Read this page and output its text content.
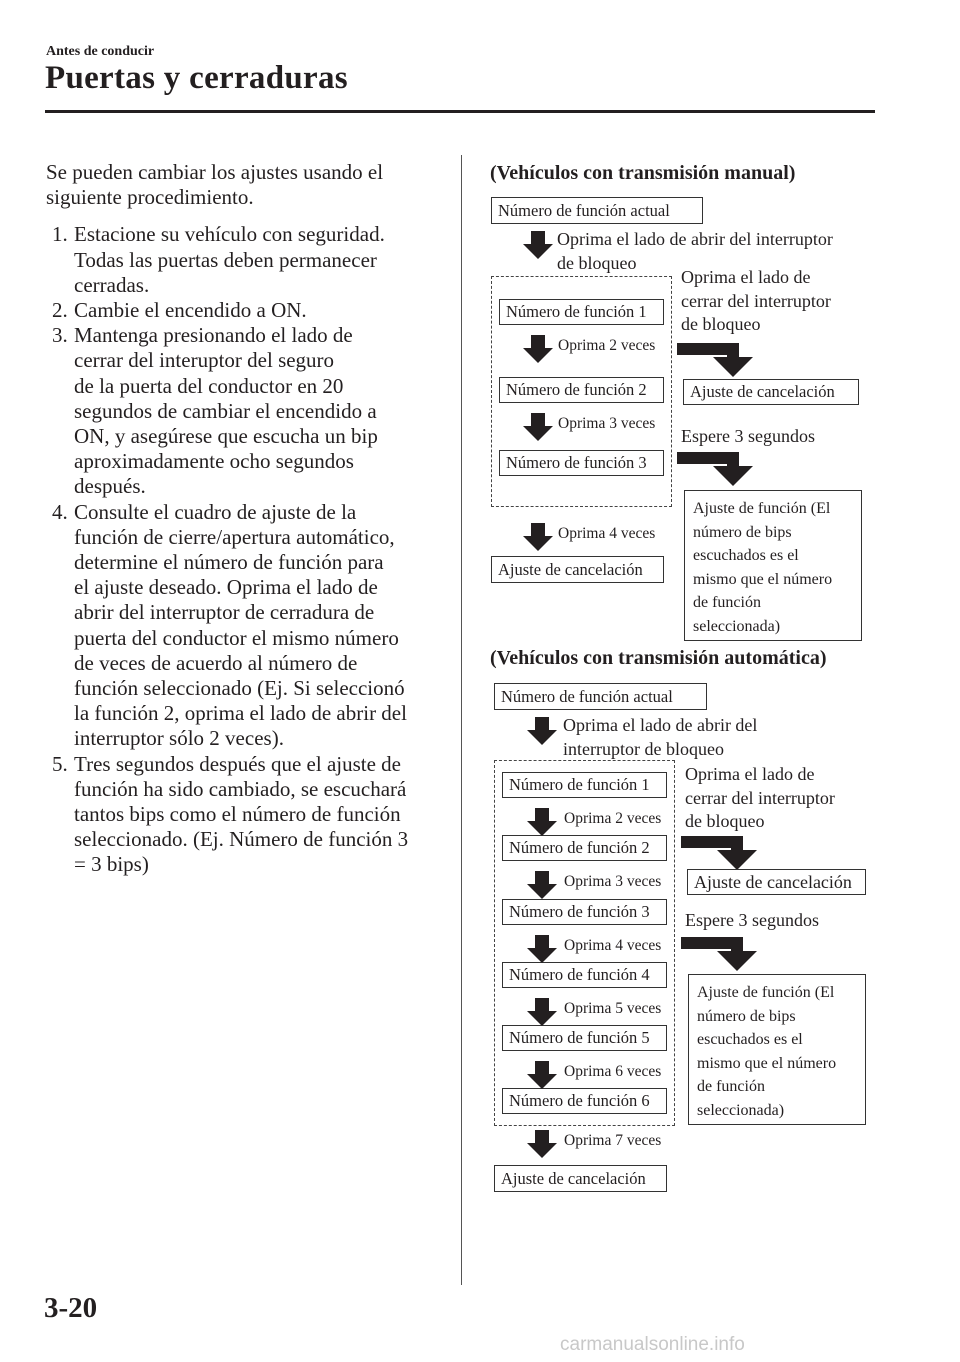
Antes de conducir
Puertas y cerraduras
3-20
carmanualsonline.info
Se pueden cambiar los ajustes usando el
siguiente procedimiento.
1. Estacione su vehículo con seguridad.
Todas las puertas deben permanecer
cerradas.
2. Cambie el encendido a ON.
3. Mantenga presionando el lado de
cerrar del interuptor del seguro
de la puerta del conductor en 20
segundos de cambiar el encendido a
ON, y asegúrese que escucha un bip
aproximadamente ocho segundos
después.
4. Consulte el cuadro de ajuste de la
función de cierre/apertura automático,
determine el número de función para
el ajuste deseado. Oprima el lado de
abrir del interruptor de cerradura de
puerta del conductor el mismo número
de veces de acuerdo al número de
función seleccionado (Ej. Si seleccionó
la función 2, oprima el lado de abrir del
interruptor sólo 2 veces).
5. Tres segundos después que el ajuste de
función ha sido cambiado, se escuchará
tantos bips como el número de función
seleccionado. (Ej. Número de función 3
= 3 bips)
(Vehículos con transmisión manual)
Número de función actual
Oprima el lado de abrir del interruptor
de bloqueo
Oprima el lado de
cerrar del interruptor
de bloqueo
Número de función 1
Número de función 2
Número de función 3
Oprima 2 veces
Oprima 3 veces
Oprima 4 veces
Ajuste de cancelación
Ajuste de cancelación
Espere 3 segundos
Ajuste de función (El
número de bips
escuchados es el
mismo que el número
de función
seleccionada)
(Vehículos con transmisión automática)
Número de función actual
Oprima el lado de abrir del
interruptor de bloqueo
Oprima el lado de
cerrar del interruptor
de bloqueo
Número de función 1
Número de función 2
Número de función 3
Número de función 4
Número de función 5
Número de función 6
Oprima 2 veces
Oprima 3 veces
Oprima 4 veces
Oprima 5 veces
Oprima 6 veces
Oprima 7 veces
Ajuste de cancelación
Ajuste de cancelación
Espere 3 segundos
Ajuste de función (El
número de bips
escuchados es el
mismo que el número
de función
seleccionada)
